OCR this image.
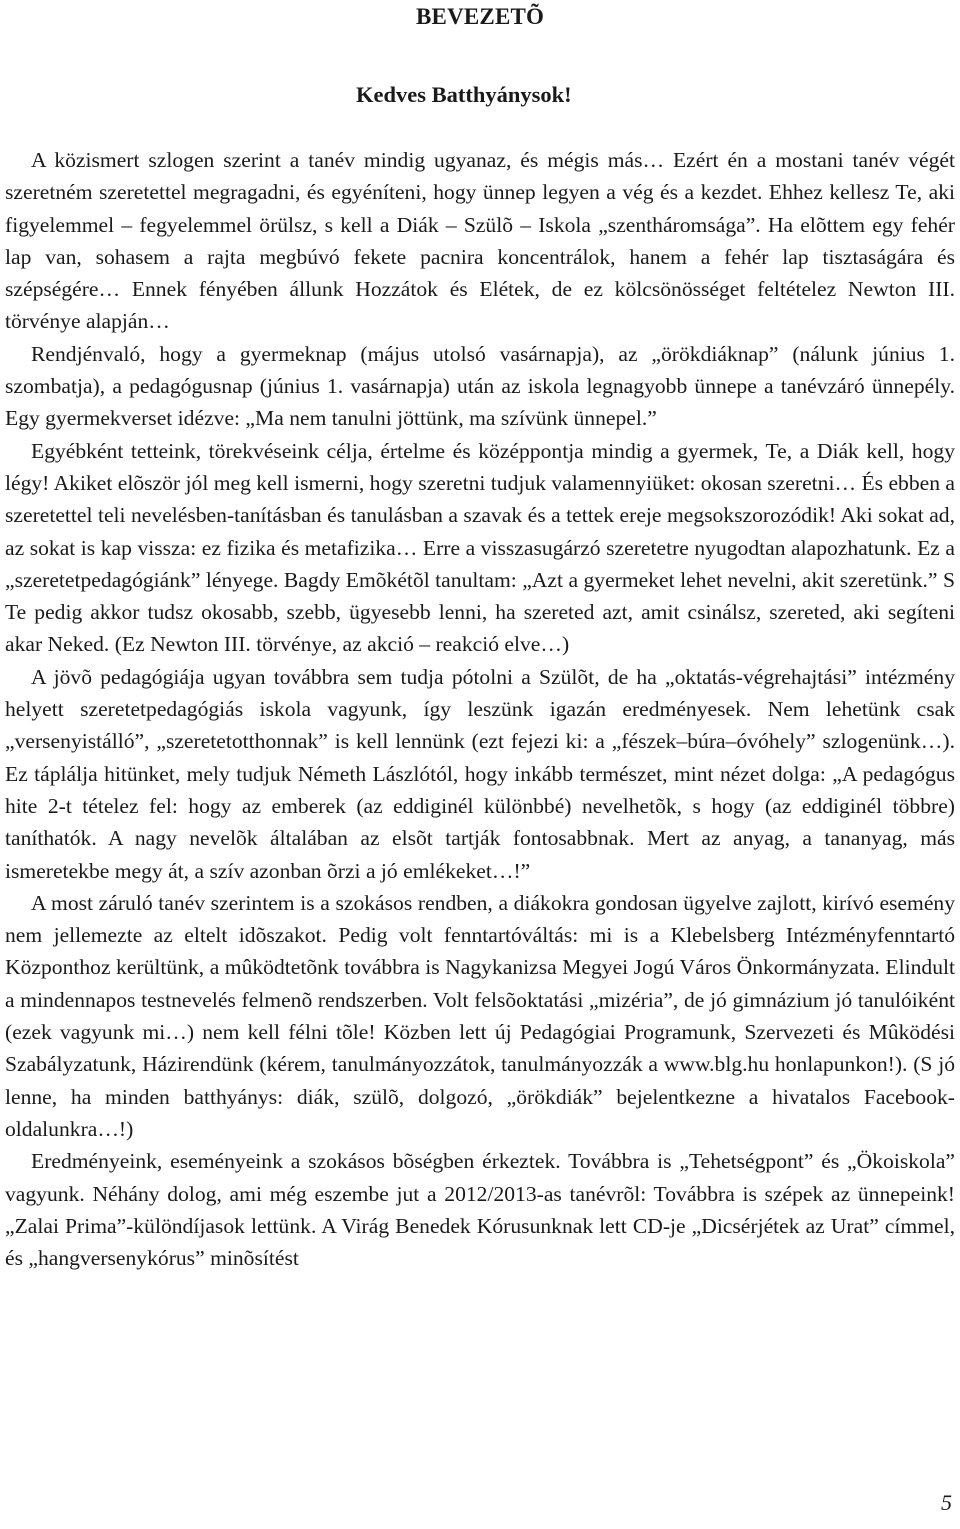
BEVEZETÕ
Kedves Batthyánysok!

A közismert szlogen szerint a tanév mindig ugyanaz, és mégis más… Ezért én a mostani tanév végét szeretném szeretettel megragadni, és egyéníteni, hogy ünnep legyen a vég és a kezdet. Ehhez kellesz Te, aki figyelemmel – fegyelemmel örülsz, s kell a Diák – Szülõ – Iskola „szentháromsága”. Ha elõttem egy fehér lap van, sohasem a rajta megbúvó fekete pacnira koncentrálok, hanem a fehér lap tisztaságára és szépségére… Ennek fényében állunk Hozzátok és Elétek, de ez kölcsönösséget feltételez Newton III. törvénye alapján…

Rendjénvaló, hogy a gyermeknap (május utolsó vasárnapja), az „örökdiáknap” (nálunk június 1. szombatja), a pedagógusnap (június 1. vasárnapja) után az iskola legnagyobb ünnepe a tanévzáró ünnepély. Egy gyermekverset idézve: „Ma nem tanulni jöttünk, ma szívünk ünnepel.”

Egyébként tetteink, törekvéseink célja, értelme és középpontja mindig a gyermek, Te, a Diák kell, hogy légy! Akiket elõször jól meg kell ismerni, hogy szeretni tudjuk valamennyiüket: okosan szeretni… És ebben a szeretettel teli nevelésben-tanításban és tanulásban a szavak és a tettek ereje megsokszorozódik! Aki sokat ad, az sokat is kap vissza: ez fizika és metafizika… Erre a visszasugárzó szeretetre nyugodtan alapozhatunk. Ez a „szeretetpedagógiánk” lényege. Bagdy Emõkétõl tanultam: „Azt a gyermeket lehet nevelni, akit szeretünk.” S Te pedig akkor tudsz okosabb, szebb, ügyesebb lenni, ha szereted azt, amit csinálsz, szereted, aki segíteni akar Neked. (Ez Newton III. törvénye, az akció – reakció elve…)

A jövõ pedagógiája ugyan továbbra sem tudja pótolni a Szülõt, de ha „oktatás-végrehajtási” intézmény helyett szeretetpedagógiás iskola vagyunk, így leszünk igazán eredményesek. Nem lehetünk csak „versenyistálló”, „szeretetotthonnak” is kell lennünk (ezt fejezi ki: a „fészek–búra–óvóhely” szlogenünk…). Ez táplálja hitünket, mely tudjuk Németh Lászlótól, hogy inkább természet, mint nézet dolga: „A pedagógus hite 2-t tételez fel: hogy az emberek (az eddiginél különbbé) nevelhetõk, s hogy (az eddiginél többre) taníthatók. A nagy nevelõk általában az elsõt tartják fontosabbnak. Mert az anyag, a tananyag, más ismeretekbe megy át, a szív azonban õrzi a jó emlékeket…!”

A most záruló tanév szerintem is a szokásos rendben, a diákokra gondosan ügyelve zajlott, kirívó esemény nem jellemezte az eltelt idõszakot. Pedig volt fenntartóváltás: mi is a Klebelsberg Intézményfenntartó Központhoz kerültünk, a mûködtetõnk továbbra is Nagykanizsa Megyei Jogú Város Önkormányzata. Elindult a mindennapos testnevelés felmenõ rendszerben. Volt felsõoktatási „mizéria”, de jó gimnázium jó tanulóiként (ezek vagyunk mi…) nem kell félni tõle! Közben lett új Pedagógiai Programunk, Szervezeti és Mûködési Szabályzatunk, Házirendünk (kérem, tanulmányozzátok, tanulmányozzák a www.blg.hu honlapunkon!). (S jó lenne, ha minden batthyánys: diák, szülõ, dolgozó, „örökdiák” bejelentkezne a hivatalos Facebook-oldalunkra…!)

Eredményeink, eseményeink a szokásos bõségben érkeztek. Továbbra is „Tehetségpont” és „Ökoiskola” vagyunk. Néhány dolog, ami még eszembe jut a 2012/2013-as tanévrõl: Továbbra is szépek az ünnepeink! „Zalai Prima”-különdíjasok lettünk. A Virág Benedek Kórusunknak lett CD-je „Dicsérjétek az Urat” címmel, és „hangversenykórus” minõsítést

5
